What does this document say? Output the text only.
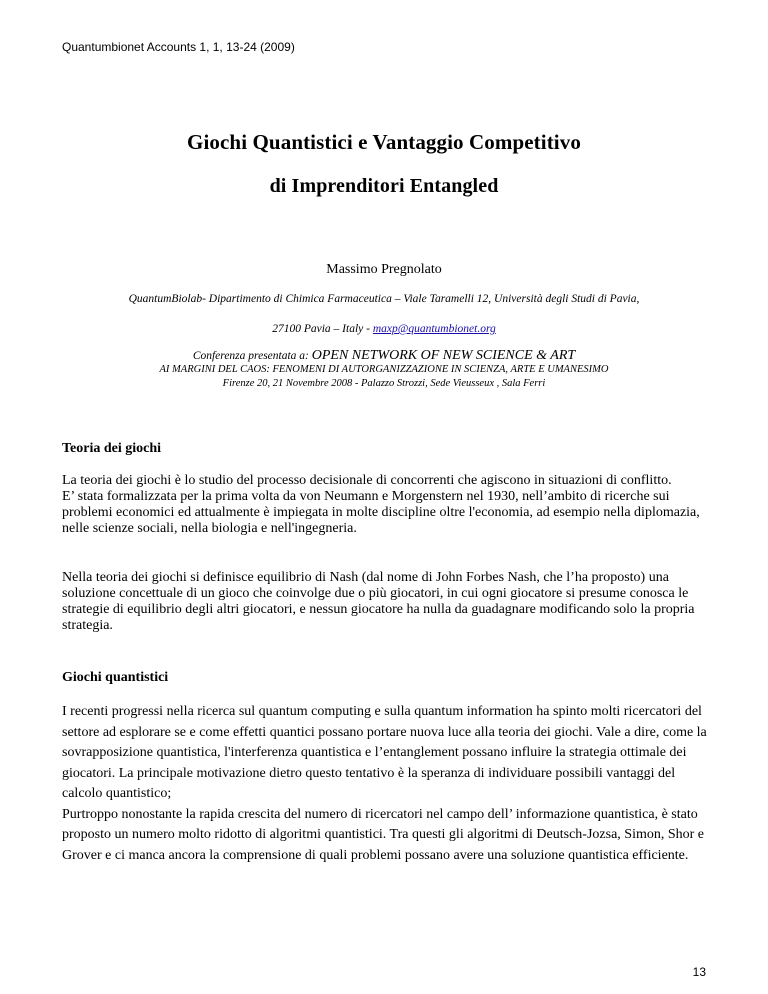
Quantumbionet Accounts 1, 1, 13-24 (2009)
Giochi Quantistici e Vantaggio Competitivo
di Imprenditori Entangled
Massimo Pregnolato
QuantumBiolab- Dipartimento di Chimica Farmaceutica – Viale Taramelli 12, Università degli Studi di Pavia,
27100 Pavia – Italy - maxp@quantumbionet.org
Conferenza presentata a: OPEN NETWORK OF NEW SCIENCE & ART
AI MARGINI DEL CAOS: FENOMENI DI AUTORGANIZZAZIONE IN SCIENZA, ARTE E UMANESIMO
Firenze 20, 21 Novembre 2008 - Palazzo Strozzi, Sede Vieusseux , Sala Ferri
Teoria dei giochi
La teoria dei giochi è lo studio del processo decisionale di concorrenti che agiscono in situazioni di conflitto.
E’ stata formalizzata per la prima volta da von Neumann e Morgenstern nel 1930, nell’ambito di ricerche sui problemi economici ed attualmente è impiegata in molte discipline oltre l'economia, ad esempio nella diplomazia, nelle scienze sociali, nella biologia e nell'ingegneria.
Nella teoria dei giochi si definisce equilibrio di Nash (dal nome di John Forbes Nash, che l’ha proposto) una soluzione concettuale di un gioco che coinvolge due o più giocatori, in cui ogni giocatore si presume conosca le strategie di equilibrio degli altri giocatori, e nessun giocatore ha nulla da guadagnare modificando solo la propria strategia.
Giochi quantistici
I recenti progressi nella ricerca sul quantum computing e sulla quantum information ha spinto molti ricercatori del settore ad esplorare se e come effetti quantici possano portare nuova luce alla teoria dei giochi. Vale a dire, come la sovrapposizione quantistica, l'interferenza quantistica e l’entanglement possano influire la strategia ottimale dei giocatori. La principale motivazione dietro questo tentativo è la speranza di individuare possibili vantaggi del calcolo quantistico;
Purtroppo nonostante la rapida crescita del numero di ricercatori nel campo dell’ informazione quantistica, è stato proposto un numero molto ridotto di algoritmi quantistici. Tra questi gli algoritmi di Deutsch-Jozsa, Simon, Shor e Grover e ci manca ancora la comprensione di quali problemi possano avere una soluzione quantistica efficiente.
13
